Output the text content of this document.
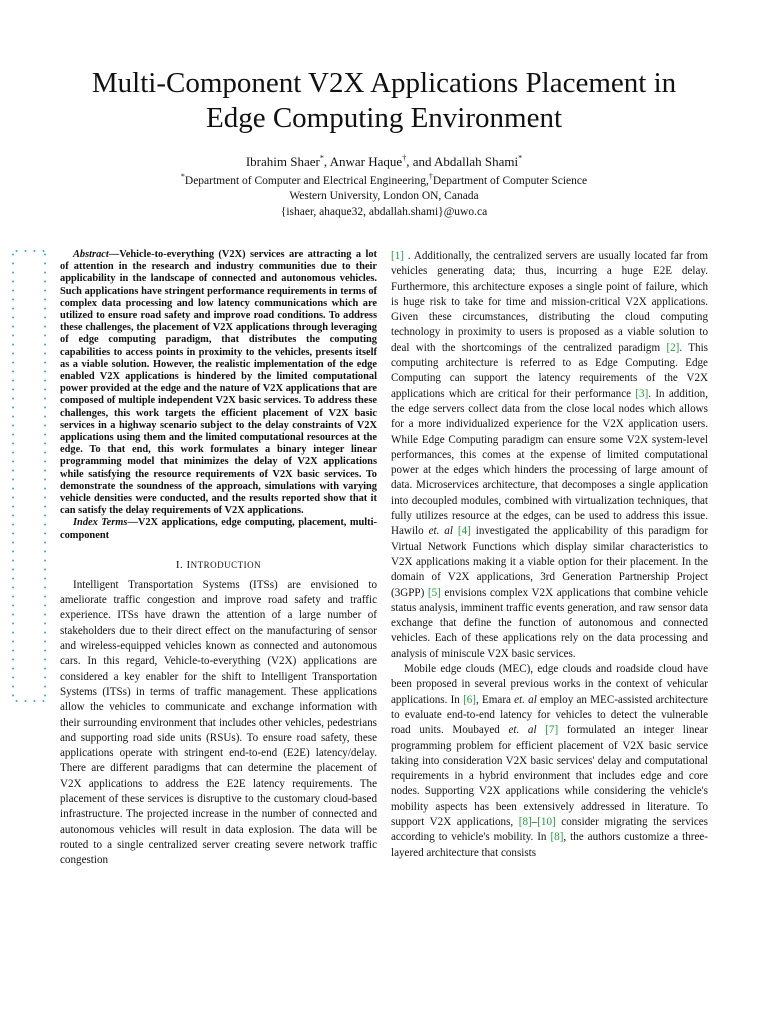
Multi-Component V2X Applications Placement in
Edge Computing Environment
Ibrahim Shaer*, Anwar Haque†, and Abdallah Shami*
*Department of Computer and Electrical Engineering,†Department of Computer Science
Western University, London ON, Canada
{ishaer, ahaque32, abdallah.shami}@uwo.ca

Abstract—Vehicle-to-everything (V2X) services are attracting a lot of attention in the research and industry communities due to their applicability in the landscape of connected and autonomous vehicles. Such applications have stringent performance requirements in terms of complex data processing and low latency communications which are utilized to ensure road safety and improve road conditions. To address these challenges, the placement of V2X applications through leveraging of edge computing paradigm, that distributes the computing capabilities to access points in proximity to the vehicles, presents itself as a viable solution. However, the realistic implementation of the edge enabled V2X applications is hindered by the limited computational power provided at the edge and the nature of V2X applications that are composed of multiple independent V2X basic services. To address these challenges, this work targets the efficient placement of V2X basic services in a highway scenario subject to the delay constraints of V2X applications using them and the limited computational resources at the edge. To that end, this work formulates a binary integer linear programming model that minimizes the delay of V2X applications while satisfying the resource requirements of V2X basic services. To demonstrate the soundness of the approach, simulations with varying vehicle densities were conducted, and the results reported show that it can satisfy the delay requirements of V2X applications.

Index Terms—V2X applications, edge computing, placement, multi-component

I. INTRODUCTION

Intelligent Transportation Systems (ITSs) are envisioned to ameliorate traffic congestion and improve road safety and traffic experience. ITSs have drawn the attention of a large number of stakeholders due to their direct effect on the manufacturing of sensor and wireless-equipped vehicles known as connected and autonomous cars. In this regard, Vehicle-to-everything (V2X) applications are considered a key enabler for the shift to Intelligent Transportation Systems (ITSs) in terms of traffic management. These applications allow the vehicles to communicate and exchange information with their surrounding environment that includes other vehicles, pedestrians and supporting road side units (RSUs). To ensure road safety, these applications operate with stringent end-to-end (E2E) latency/delay. There are different paradigms that can determine the placement of V2X applications to address the E2E latency requirements. The placement of these services is disruptive to the customary cloud-based infrastructure. The projected increase in the number of connected and autonomous vehicles will result in data explosion. The data will be routed to a single centralized server creating severe network traffic congestion

[1] . Additionally, the centralized servers are usually located far from vehicles generating data; thus, incurring a huge E2E delay. Furthermore, this architecture exposes a single point of failure, which is huge risk to take for time and mission-critical V2X applications. Given these circumstances, distributing the cloud computing technology in proximity to users is proposed as a viable solution to deal with the shortcomings of the centralized paradigm [2]. This computing architecture is referred to as Edge Computing. Edge Computing can support the latency requirements of the V2X applications which are critical for their performance [3]. In addition, the edge servers collect data from the close local nodes which allows for a more individualized experience for the V2X application users. While Edge Computing paradigm can ensure some V2X system-level performances, this comes at the expense of limited computational power at the edges which hinders the processing of large amount of data. Microservices architecture, that decomposes a single application into decoupled modules, combined with virtualization techniques, that fully utilizes resource at the edges, can be used to address this issue. Hawilo et. al [4] investigated the applicability of this paradigm for Virtual Network Functions which display similar characteristics to V2X applications making it a viable option for their placement. In the domain of V2X applications, 3rd Generation Partnership Project (3GPP) [5] envisions complex V2X applications that combine vehicle status analysis, imminent traffic events generation, and raw sensor data exchange that define the function of autonomous and connected vehicles. Each of these applications rely on the data processing and analysis of miniscule V2X basic services.

Mobile edge clouds (MEC), edge clouds and roadside cloud have been proposed in several previous works in the context of vehicular applications. In [6], Emara et. al employ an MEC-assisted architecture to evaluate end-to-end latency for vehicles to detect the vulnerable road units. Moubayed et. al [7] formulated an integer linear programming problem for efficient placement of V2X basic service taking into consideration V2X basic services' delay and computational requirements in a hybrid environment that includes edge and core nodes. Supporting V2X applications while considering the vehicle's mobility aspects has been extensively addressed in literature. To support V2X applications, [8]–[10] consider migrating the services according to vehicle's mobility. In [8], the authors customize a three-layered architecture that consists
